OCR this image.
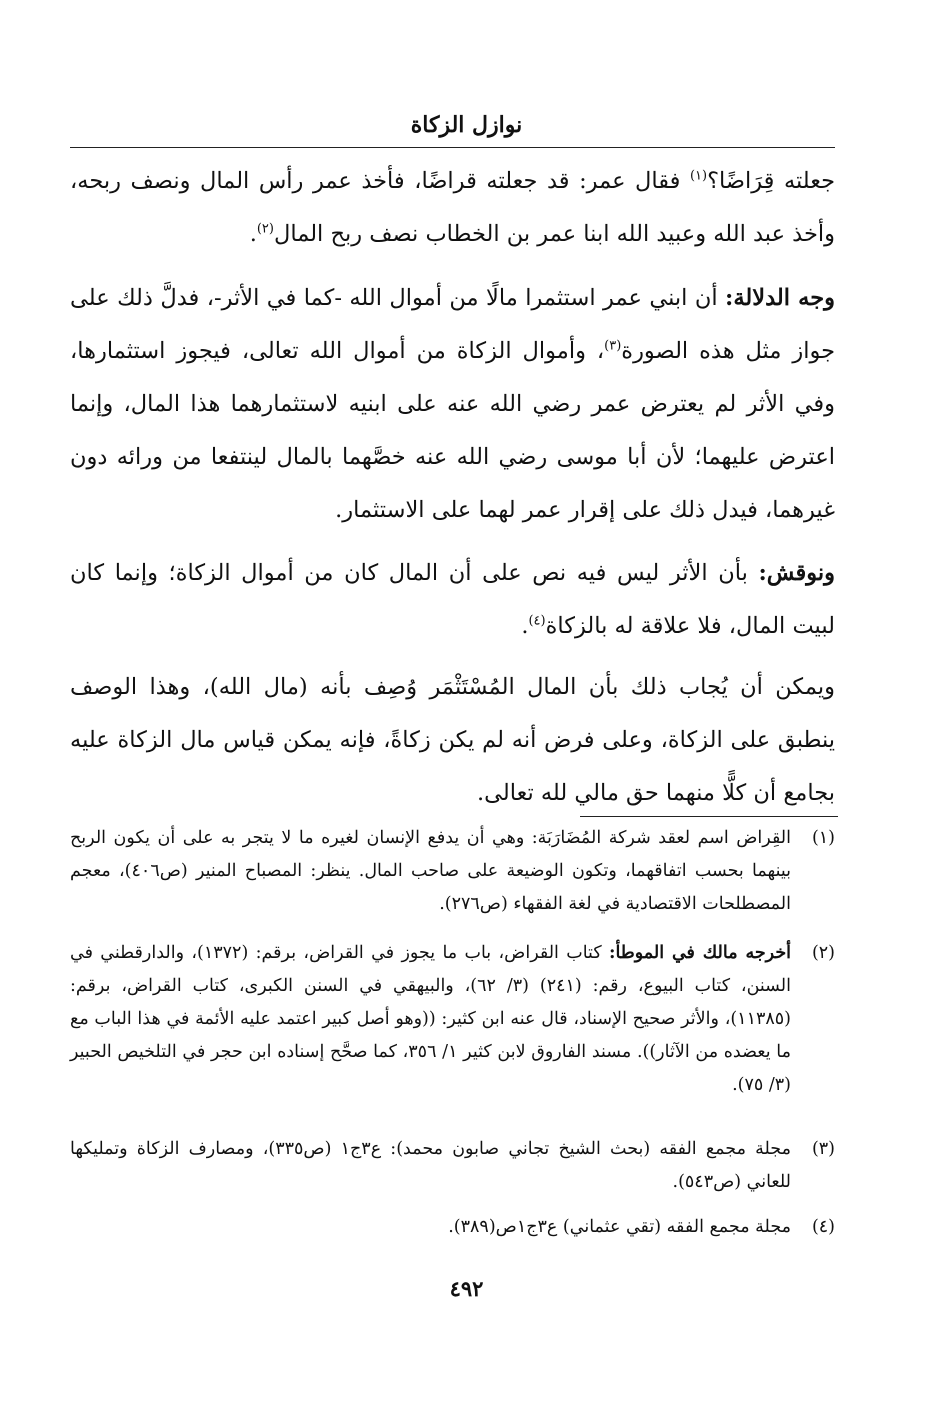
نوازل الزكاة
جعلته قِرَاضًا؟$^{(١)}$ فقال عمر: قد جعلته قراضًا، فأخذ عمر رأس المال ونصف ربحه، وأخذ عبد الله وعبيد الله ابنا عمر بن الخطاب نصف ربح المال$^{(٢)}$.
وجه الدلالة: أن ابني عمر استثمرا مالًا من أموال الله -كما في الأثر-، فدلَّ ذلك على جواز مثل هذه الصورة$^{(٣)}$، وأموال الزكاة من أموال الله تعالى، فيجوز استثمارها، وفي الأثر لم يعترض عمر رضي الله عنه على ابنيه لاستثمارهما هذا المال، وإنما اعترض عليهما؛ لأن أبا موسى رضي الله عنه خصَّهما بالمال لينتفعا من ورائه دون غيرهما، فيدل ذلك على إقرار عمر لهما على الاستثمار.
ونوقش: بأن الأثر ليس فيه نص على أن المال كان من أموال الزكاة؛ وإنما كان لبيت المال، فلا علاقة له بالزكاة$^{(٤)}$.
ويمكن أن يُجاب ذلك بأن المال المُسْتَثْمَر وُصِف بأنه (مال الله)، وهذا الوصف ينطبق على الزكاة، وعلى فرض أنه لم يكن زكاةً، فإنه يمكن قياس مال الزكاة عليه بجامع أن كلًّا منهما حق مالي لله تعالى.
(١)
القِراض اسم لعقد شركة المُضَارَبَة: وهي أن يدفع الإنسان لغيره ما لا يتجر به على أن يكون الربح بينهما بحسب اتفاقهما، وتكون الوضيعة على صاحب المال. ينظر: المصباح المنير (ص٤٠٦)، معجم المصطلحات الاقتصادية في لغة الفقهاء (ص٢٧٦).
(٢)
أخرجه مالك في الموطأ: كتاب القراض، باب ما يجوز في القراض، برقم: (١٣٧٢)، والدارقطني في السنن، كتاب البيوع، رقم: (٢٤١) (٣/ ٦٢)، والبيهقي في السنن الكبرى، كتاب القراض، برقم: (١١٣٨٥)، والأثر صحيح الإسناد، قال عنه ابن كثير: ((وهو أصل كبير اعتمد عليه الأئمة في هذا الباب مع ما يعضده من الآثار)). مسند الفاروق لابن كثير ١/ ٣٥٦، كما صحَّح إسناده ابن حجر في التلخيص الحبير (٣/ ٧٥).
(٣)
مجلة مجمع الفقه (بحث الشيخ تجاني صابون محمد): ع٣ج١ (ص٣٣٥)، ومصارف الزكاة وتمليكها للعاني (ص٥٤٣).
(٤)
مجلة مجمع الفقه (تقي عثماني) ع٣ج١ص(٣٨٩).
٤٩٢
